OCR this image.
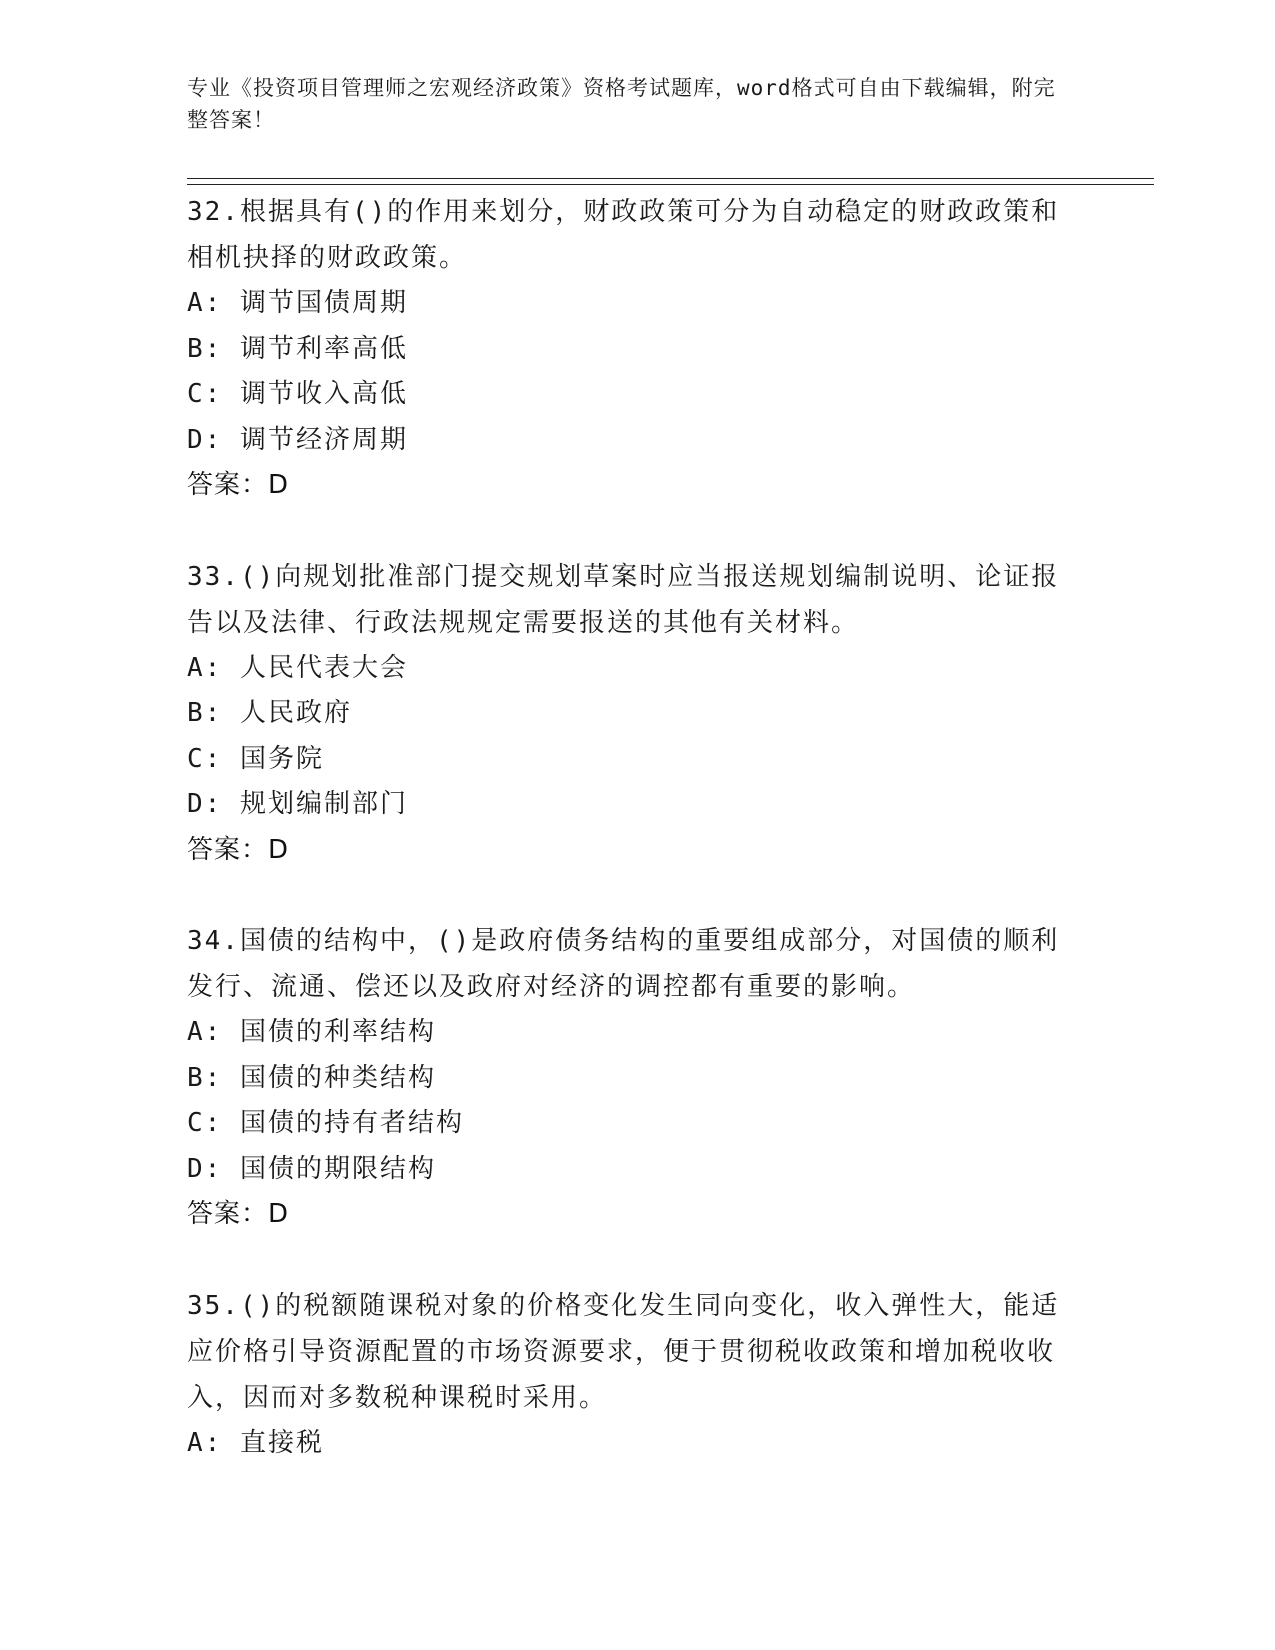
专业《投资项目管理师之宏观经济政策》资格考试题库，word格式可自由下载编辑，附完整答案！
32.根据具有()的作用来划分，财政政策可分为自动稳定的财政政策和相机抉择的财政政策。
A: 调节国债周期
B: 调节利率高低
C: 调节收入高低
D: 调节经济周期
答案：D
33.()向规划批准部门提交规划草案时应当报送规划编制说明、论证报告以及法律、行政法规规定需要报送的其他有关材料。
A: 人民代表大会
B: 人民政府
C: 国务院
D: 规划编制部门
答案：D
34.国债的结构中，()是政府债务结构的重要组成部分，对国债的顺利发行、流通、偿还以及政府对经济的调控都有重要的影响。
A: 国债的利率结构
B: 国债的种类结构
C: 国债的持有者结构
D: 国债的期限结构
答案：D
35.()的税额随课税对象的价格变化发生同向变化，收入弹性大，能适应价格引导资源配置的市场资源要求，便于贯彻税收政策和增加税收收入，因而对多数税种课税时采用。
A: 直接税
